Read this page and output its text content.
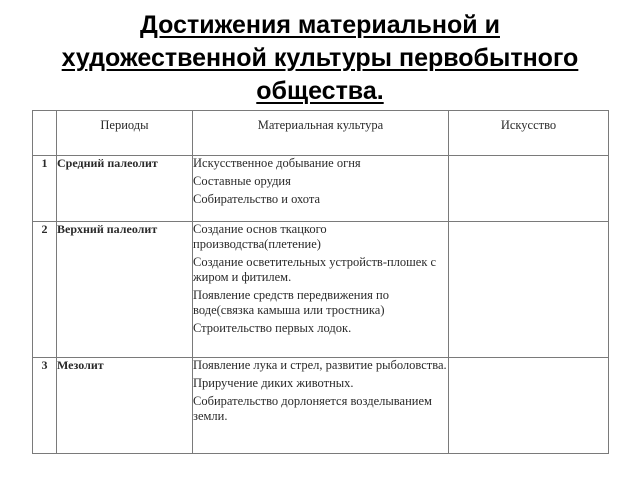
Достижения материальной и
художественной культуры первобытного
общества.
	Периоды	Материальная культура	Искусство
1	Средний палеолит	Искусственное добывание огня
Составные орудия
Собирательство и охота	

2	Верхний палеолит	Создание основ ткацкого производства(плетение)
Создание осветительных устройств-плошек с жиром и фитилем.
Появление средств передвижения по воде(связка камыша или тростника)
Строительство первых лодок.	

3	Мезолит	Появление лука и стрел, развитие рыболовства.
Приручение диких животных.
Собирательство дорлоняется возделыванием земли.	
